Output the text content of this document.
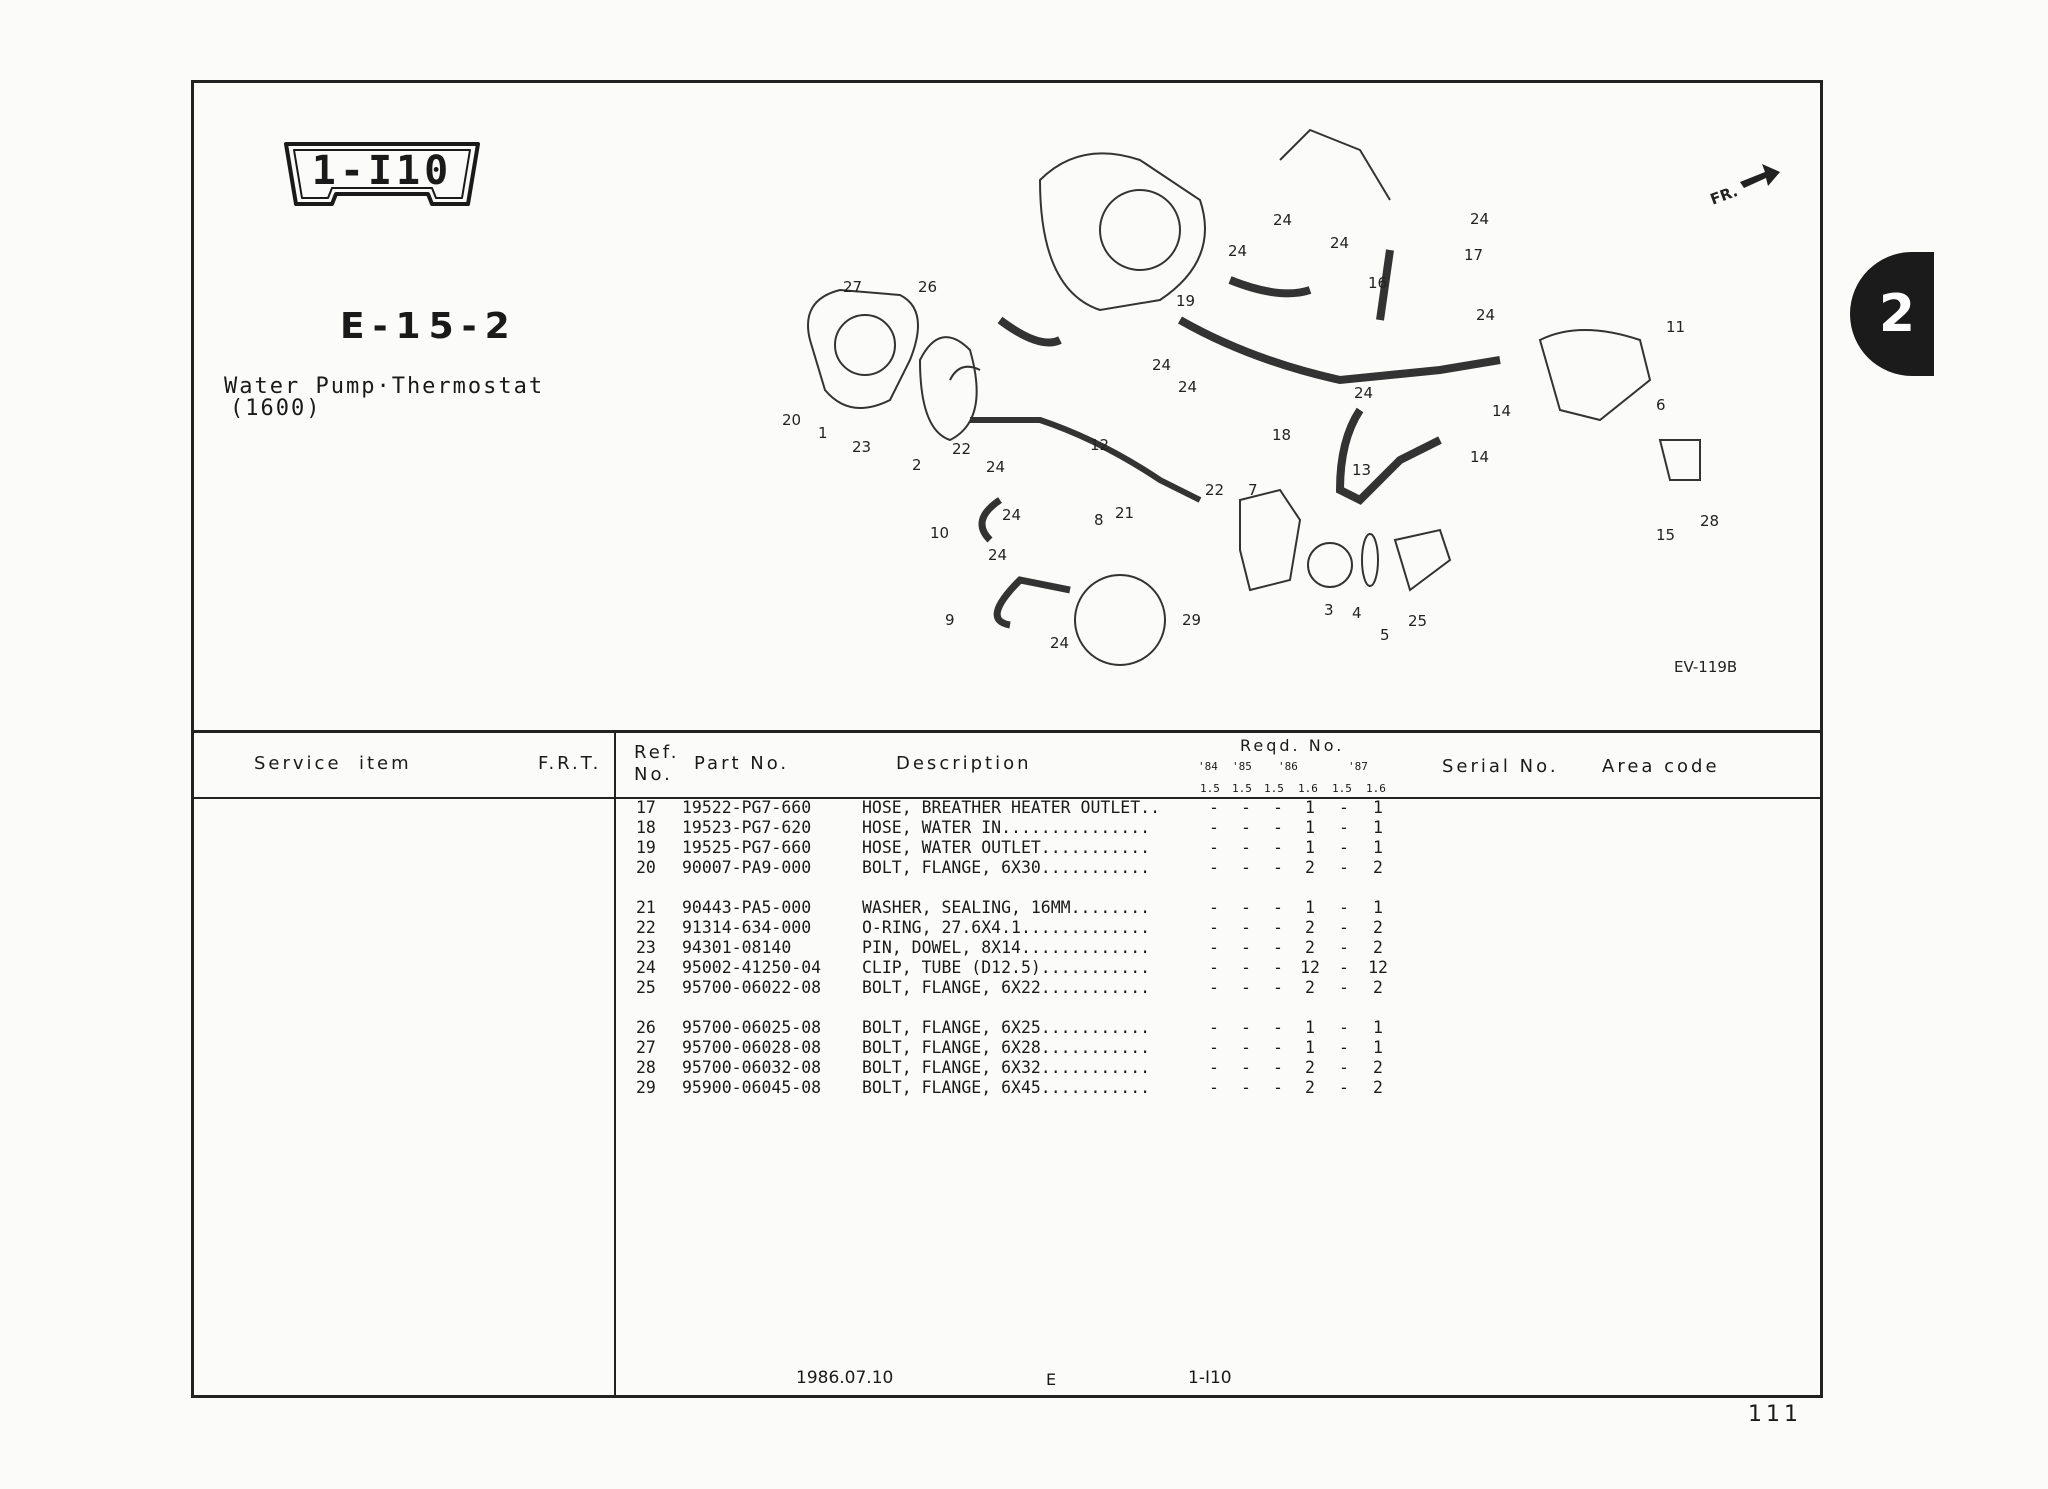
2
1-I10
E-15-2
Water Pump·Thermostat
(1600)
27	26
20
1
23
2
22
24
12
22 7
21
8
10
24
24
9
24
29
3 4
5
25
19
24
24
24
24
24
16
17
24
18
24
13
14
14
11
6
15
28
24
FR.
EV-119B
Service  item	F.R.T.
Ref.
No.
Part No.	Description
Reqd. No.
'84 '85 '86	'87
1.5 1.5 1.5 1.6 1.5 1.6
Serial No. Area code
17 19522-PG7-660	HOSE, BREATHER HEATER OUTLET..	-	-	-	1	-	1
18 19523-PG7-620	HOSE, WATER IN...............	-	-	-	1	-	1
19 19525-PG7-660	HOSE, WATER OUTLET...........	-	-	-	1	-	1
20 90007-PA9-000	BOLT, FLANGE, 6X30...........	-	-	-	2	-	2
21 90443-PA5-000	WASHER, SEALING, 16MM........	-	-	-	1	-	1
22 91314-634-000	O-RING, 27.6X4.1.............	-	-	-	2	-	2
23 94301-08140	PIN, DOWEL, 8X14.............	-	-	-	2	-	2
24 95002-41250-04 CLIP, TUBE (D12.5)...........	-	-	-	12	-	12
25 95700-06022-08 BOLT, FLANGE, 6X22...........	-	-	-	2	-	2
26 95700-06025-08 BOLT, FLANGE, 6X25...........	-	-	-	1	-	1
27 95700-06028-08 BOLT, FLANGE, 6X28...........	-	-	-	1	-	1
28 95700-06032-08 BOLT, FLANGE, 6X32...........	-	-	-	2	-	2
29 95900-06045-08 BOLT, FLANGE, 6X45...........	-	-	-	2	-	2
1986.07.10	E	1-I10
111
